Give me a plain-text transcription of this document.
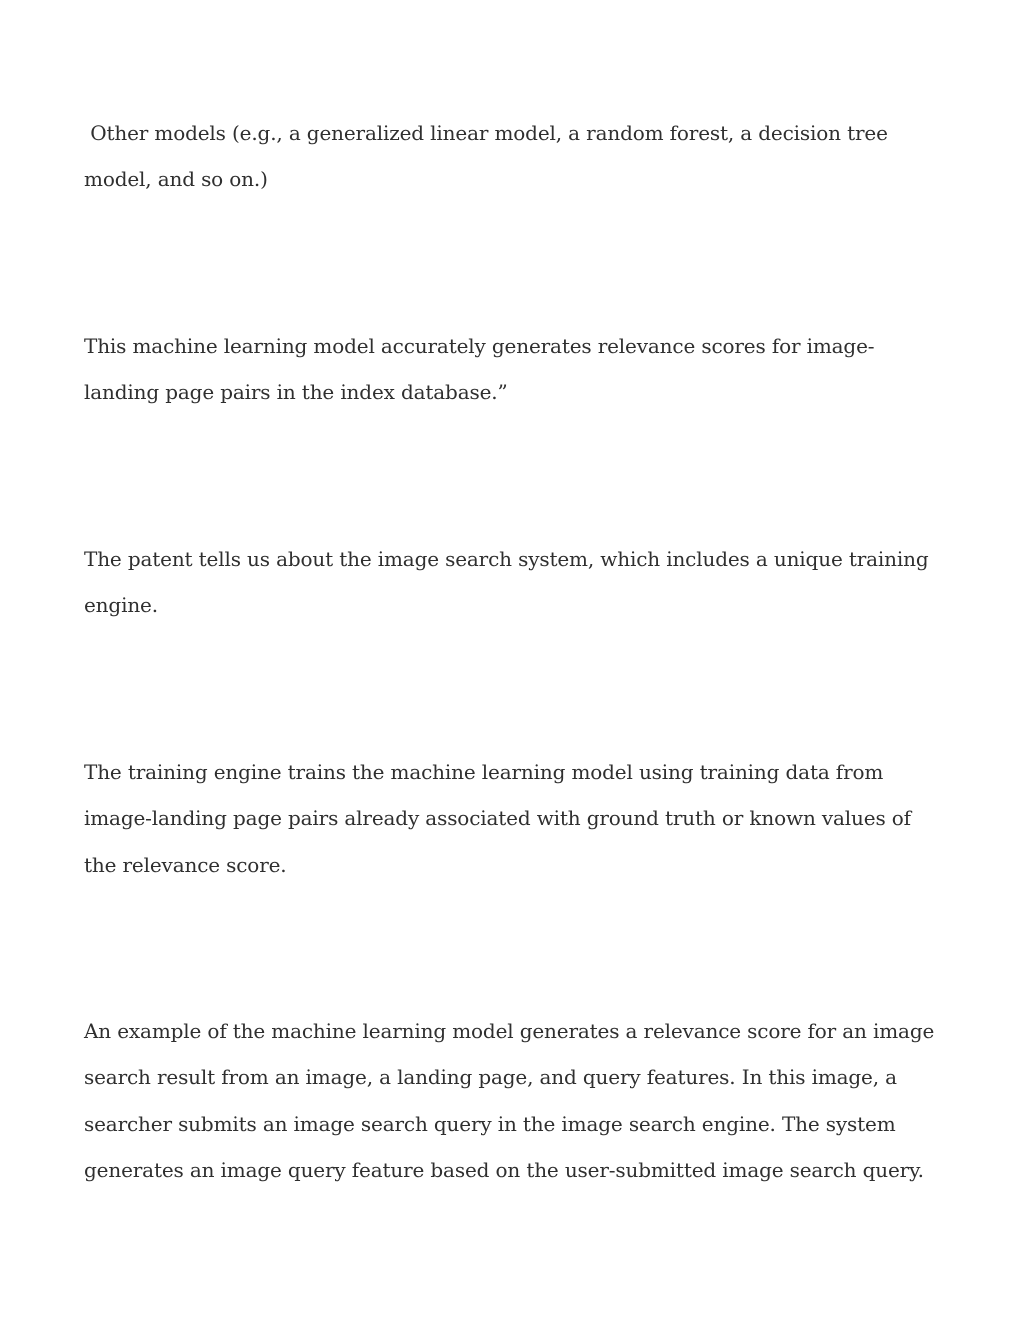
Other models (e.g., a generalized linear model, a random forest, a decision tree model, and so on.)

This machine learning model accurately generates relevance scores for image-landing page pairs in the index database.”

The patent tells us about the image search system, which includes a unique training engine.

The training engine trains the machine learning model using training data from image-landing page pairs already associated with ground truth or known values of the relevance score.

An example of the machine learning model generates a relevance score for an image search result from an image, a landing page, and query features. In this image, a searcher submits an image search query in the image search engine. The system generates an image query feature based on the user-submitted image search query.
